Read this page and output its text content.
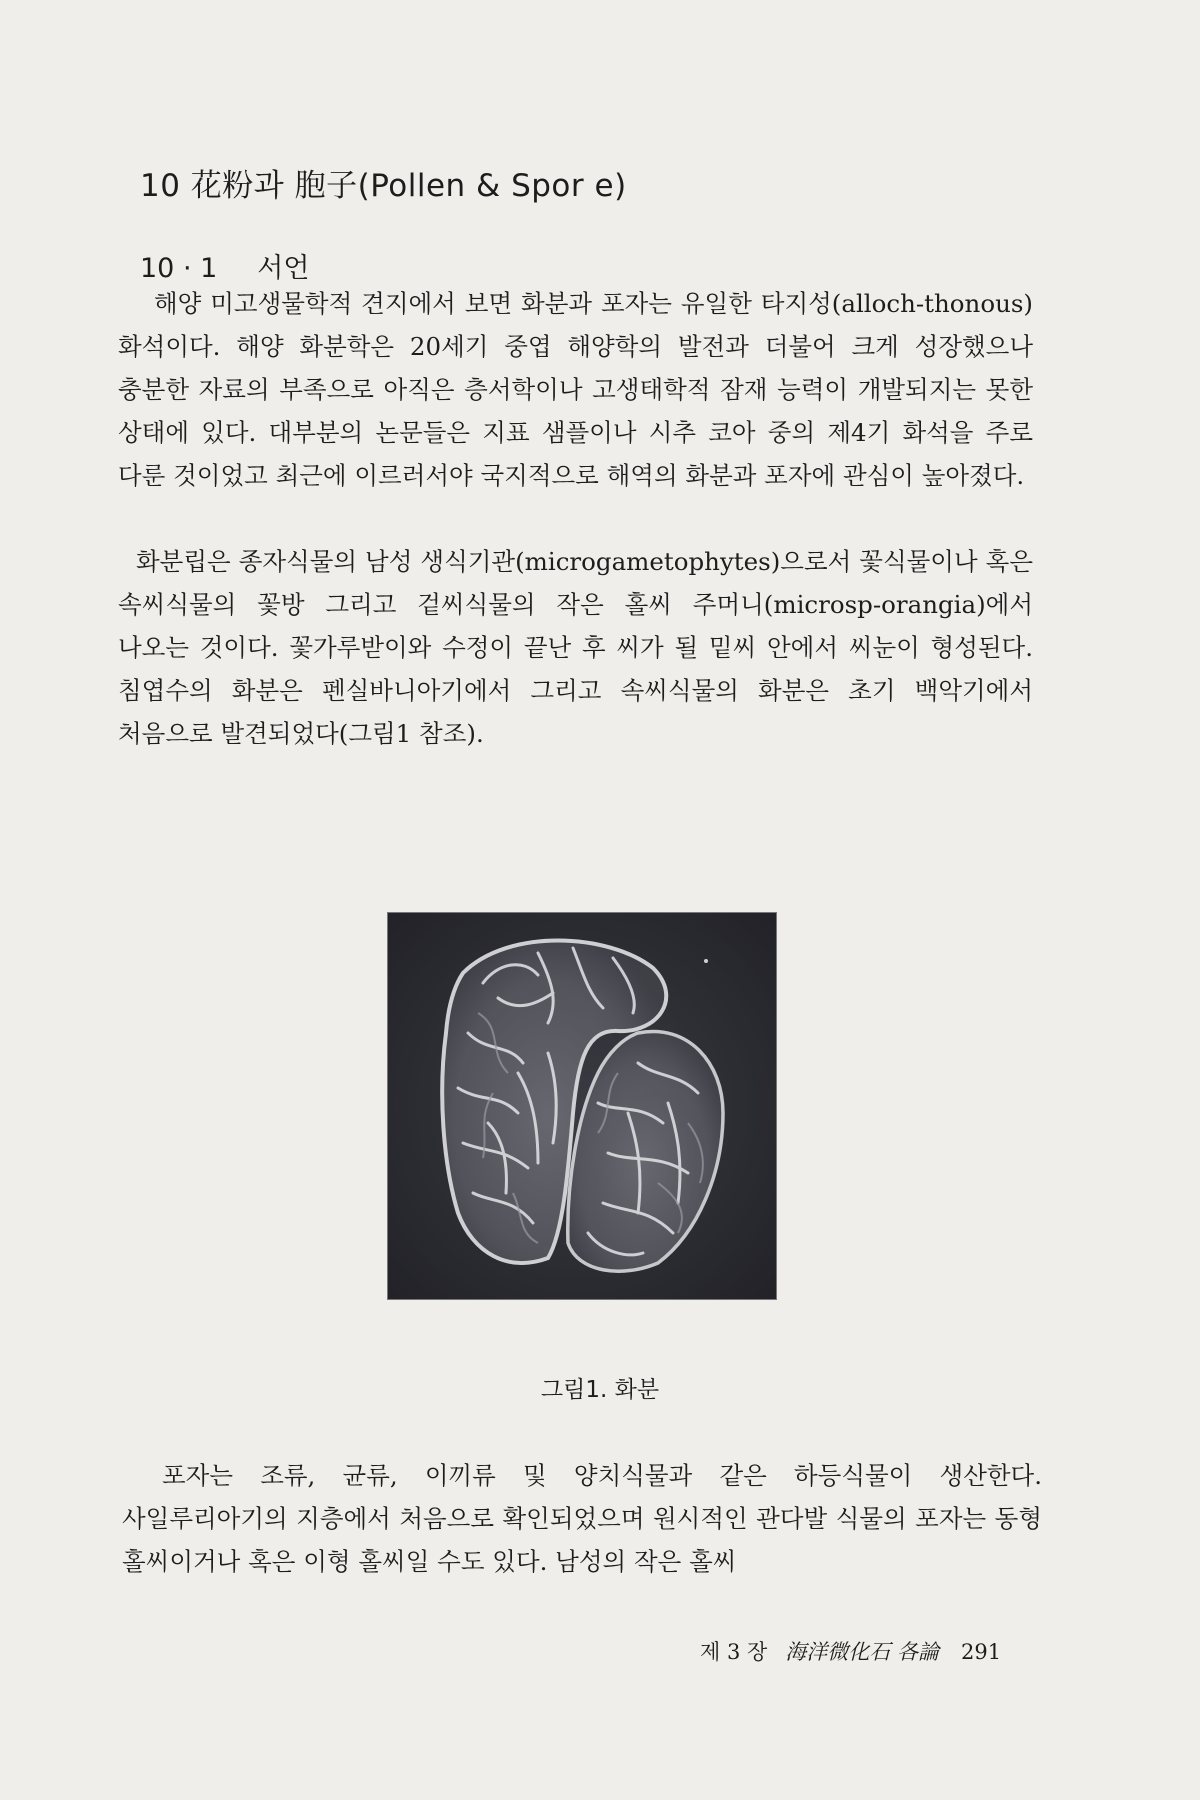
10 花粉과 胞子(Pollen & Spor e)
10 · 1 서언

해양 미고생물학적 견지에서 보면 화분과 포자는 유일한 타지성(alloch-thonous) 화석이다. 해양 화분학은 20세기 중엽 해양학의 발전과 더불어 크게 성장했으나 충분한 자료의 부족으로 아직은 층서학이나 고생태학적 잠재 능력이 개발되지는 못한 상태에 있다. 대부분의 논문들은 지표 샘플이나 시추 코아 중의 제4기 화석을 주로 다룬 것이었고 최근에 이르러서야 국지적으로 해역의 화분과 포자에 관심이 높아졌다.

화분립은 종자식물의 남성 생식기관(microgametophytes)으로서 꽃식물이나 혹은 속씨식물의 꽃방 그리고 겉씨식물의 작은 홀씨 주머니(microsp-orangia)에서 나오는 것이다. 꽃가루받이와 수정이 끝난 후 씨가 될 밑씨 안에서 씨눈이 형성된다. 침엽수의 화분은 펜실바니아기에서 그리고 속씨식물의 화분은 초기 백악기에서 처음으로 발견되었다(그림1 참조).

그림1. 화분

포자는 조류, 균류, 이끼류 및 양치식물과 같은 하등식물이 생산한다. 사일루리아기의 지층에서 처음으로 확인되었으며 원시적인 관다발 식물의 포자는 동형 홀씨이거나 혹은 이형 홀씨일 수도 있다. 남성의 작은 홀씨

제 3 장 海洋微化石 各論 291
